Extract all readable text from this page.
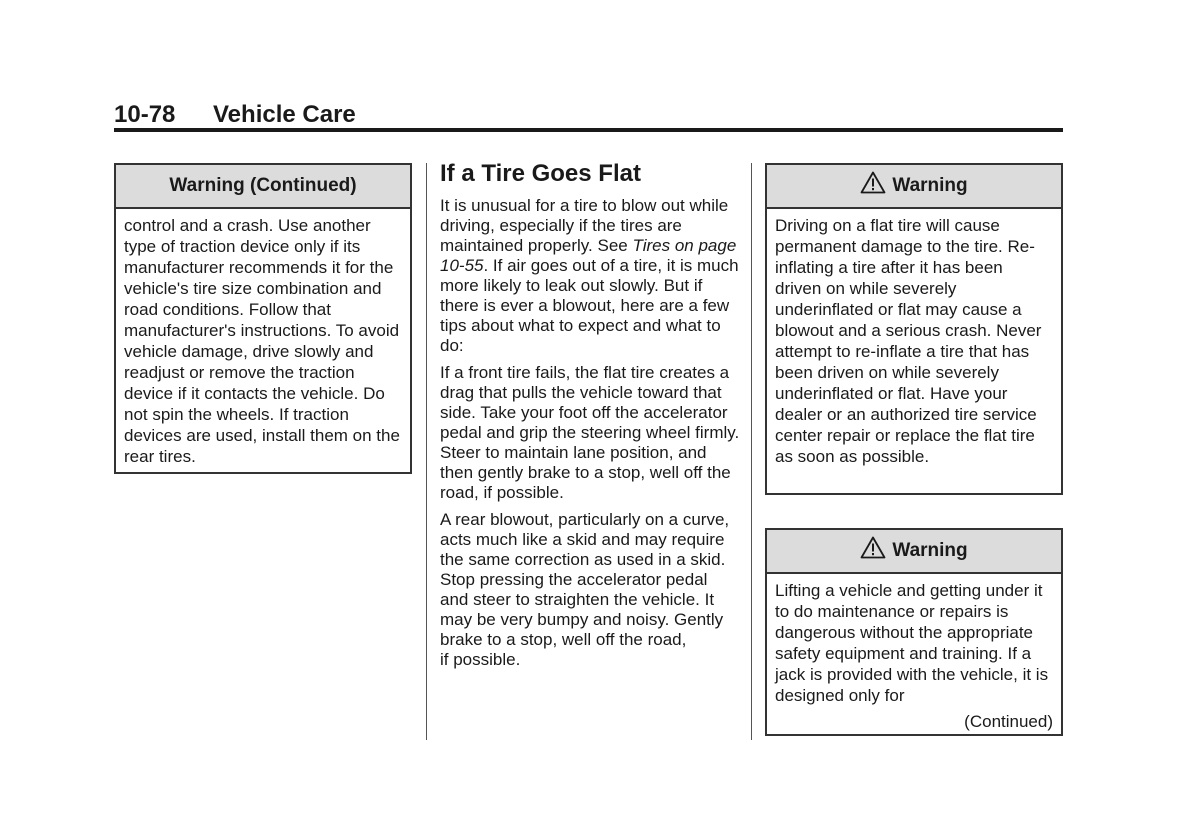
10-78 Vehicle Care
Warning (Continued)

control and a crash. Use another type of traction device only if its manufacturer recommends it for the vehicle's tire size combination and road conditions. Follow that manufacturer's instructions. To avoid vehicle damage, drive slowly and readjust or remove the traction device if it contacts the vehicle. Do not spin the wheels. If traction devices are used, install them on the rear tires.

If a Tire Goes Flat

It is unusual for a tire to blow out while driving, especially if the tires are maintained properly. See Tires on page 10-55. If air goes out of a tire, it is much more likely to leak out slowly. But if there is ever a blowout, here are a few tips about what to expect and what to do:

If a front tire fails, the flat tire creates a drag that pulls the vehicle toward that side. Take your foot off the accelerator pedal and grip the steering wheel firmly. Steer to maintain lane position, and then gently brake to a stop, well off the road, if possible.

A rear blowout, particularly on a curve, acts much like a skid and may require the same correction as used in a skid. Stop pressing the accelerator pedal and steer to straighten the vehicle. It may be very bumpy and noisy. Gently brake to a stop, well off the road,
if possible.

Warning

Driving on a flat tire will cause permanent damage to the tire. Re-inflating a tire after it has been driven on while severely underinflated or flat may cause a blowout and a serious crash. Never attempt to re-inflate a tire that has been driven on while severely underinflated or flat. Have your dealer or an authorized tire service center repair or replace the flat tire as soon as possible.

Warning

Lifting a vehicle and getting under it to do maintenance or repairs is dangerous without the appropriate safety equipment and training. If a jack is provided with the vehicle, it is designed only for

(Continued)
